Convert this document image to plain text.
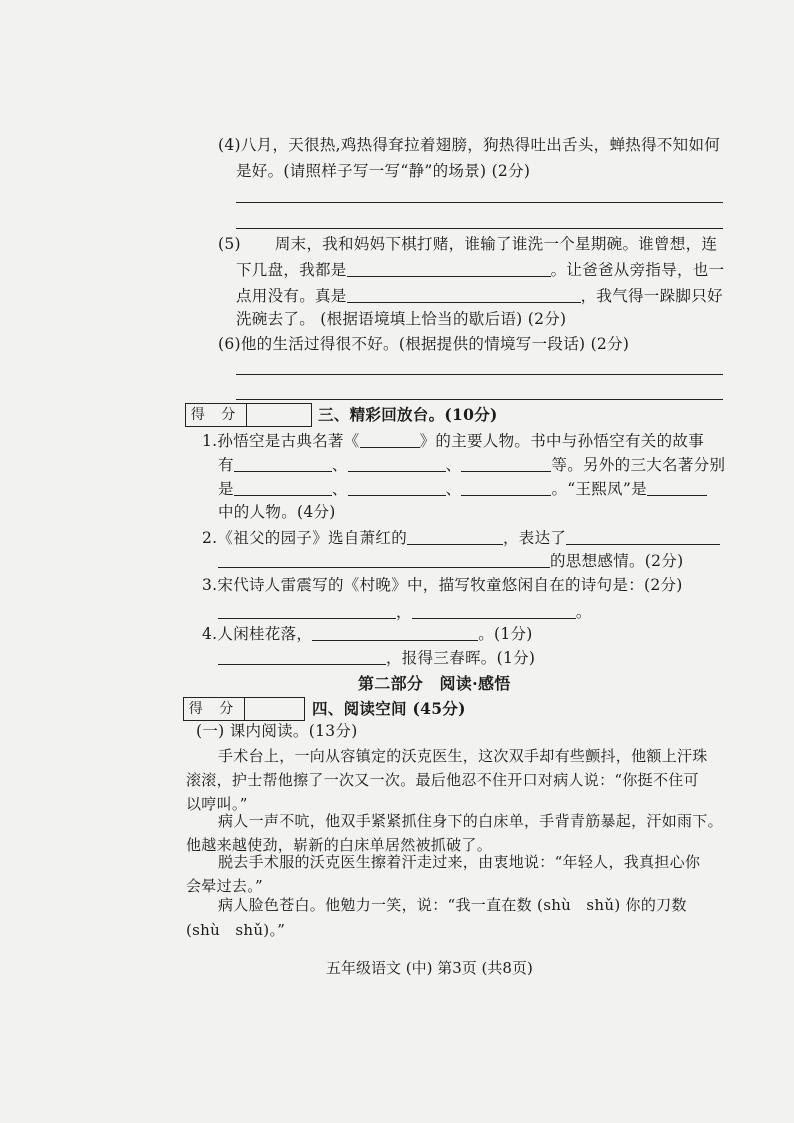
(4)八月，天很热,鸡热得耷拉着翅膀，狗热得吐出舌头，蝉热得不知如何
是好。(请照样子写一写“静”的场景) (2分)
(5) 周末，我和妈妈下棋打赌，谁输了谁洗一个星期碗。谁曾想，连
下几盘，我都是	。让爸爸从旁指导，也一
点用没有。真是	，我气得一跺脚只好
洗碗去了。 (根据语境填上恰当的歇后语) (2分)
(6)他的生活过得很不好。(根据提供的情境写一段话) (2分)
得 分	三、精彩回放台。(10分)
1.孙悟空是古典名著《	》的主要人物。书中与孙悟空有关的故事
有	、	、	等。另外的三大名著分别
是	、	、	。“王熙凤”是
中的人物。(4分)
2.《祖父的园子》选自萧红的	，表达了
的思想感情。(2分)
3.宋代诗人雷震写的《村晚》中，描写牧童悠闲自在的诗句是：(2分)
，	。
4.人闲桂花落，	。(1分)
，报得三春晖。(1分)
第二部分　阅读·感悟
得 分	四、阅读空间 (45分)
(一) 课内阅读。(13分)
手术台上，一向从容镇定的沃克医生，这次双手却有些颤抖，他额上汗珠
滚滚，护士帮他擦了一次又一次。最后他忍不住开口对病人说：“你挺不住可
以哼叫。”
病人一声不吭，他双手紧紧抓住身下的白床单，手背青筋暴起，汗如雨下。
他越来越使劲，崭新的白床单居然被抓破了。
脱去手术服的沃克医生擦着汗走过来，由衷地说：“年轻人，我真担心你
会晕过去。”
病人脸色苍白。他勉力一笑，说：“我一直在数 (shù　shǔ) 你的刀数
(shù　shǔ)。”
五年级语文 (中) 第3页 (共8页)
